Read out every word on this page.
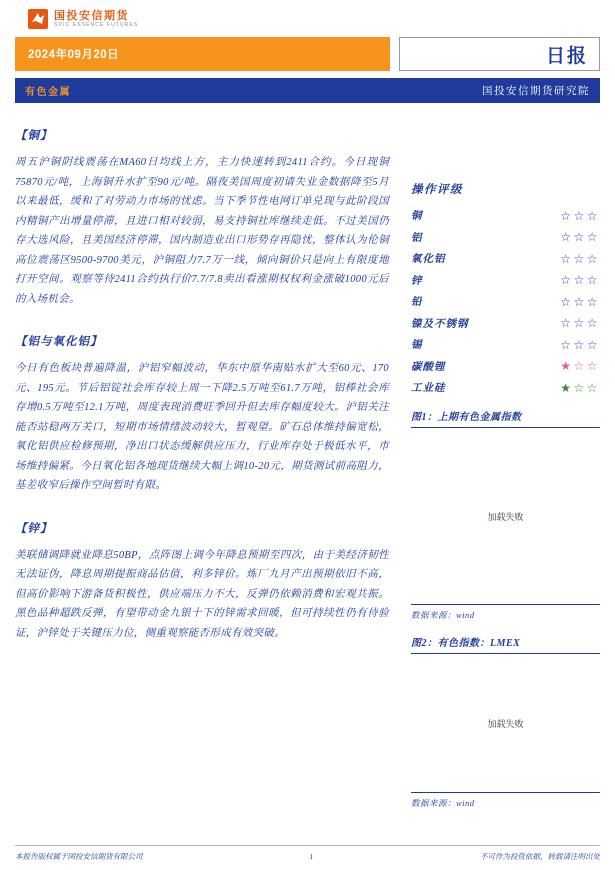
国投安信期货
SDIC ESSENCE FUTURES
2024年09月20日	日报
有色金属	国投安信期货研究院
【铜】
周五沪铜阴线震荡在MA60日均线上方，主力快速转到2411合约。今日现铜75870元/吨，上海铜升水扩至90元/吨。隔夜美国周度初请失业金数据降至5月以来最低，缓和了对劳动力市场的忧虑。当下季节性电网订单兑现与此阶段国内精铜产出增量停滞，且进口相对较弱，易支持铜社库继续走低。不过美国仍存大选风险，且美国经济停滞，国内制造业出口形势存再隐忧，整体认为伦铜高位震荡区9500-9700美元，沪铜阻力7.7万一线，倾向铜价只是向上有限度地打开空间。观察等待2411合约执行价7.7/7.8卖出看涨期权权利金涨破1000元后的入场机会。
【铝与氧化铝】
今日有色板块普遍降温，沪铝窄幅波动，华东中原华南贴水扩大至60元、170元、195元。节后铝锭社会库存较上周一下降2.5万吨至61.7万吨，铝棒社会库存增0.5万吨至12.1万吨，周度表现消费旺季回升但去库存幅度较大。沪铝关注能否站稳两万关口，短期市场情绪波动较大，暂观望。矿石总体维持偏宽松，氧化铝供应检修预期，净出口状态缓解供应压力，行业库存处于极低水平，市场维持偏紧。今日氧化铝各地现货继续大幅上调10-20元，期货测试前高阻力，基差收窄后操作空间暂时有限。
【锌】
美联储调降就业降息50BP，点阵图上调今年降息预期至四次，由于美经济韧性无法证伪，降息周期提振商品估值，利多锌价。炼厂九月产出预期依旧不高，但高价影响下游备货积极性，供应端压力不大，反弹仍依赖消费和宏观共振。黑色品种超跌反弹，有望带动金九银十下的锌需求回暖，但可持续性仍有待验证，沪锌处于关键压力位，侧重观察能否形成有效突破。
操作评级
铜	☆☆☆
铝	☆☆☆
氧化铝	☆☆☆
锌	☆☆☆
铅	☆☆☆
镍及不锈钢	☆☆☆
锡	☆☆☆
碳酸锂	★☆☆
工业硅	★☆☆
图1：上期有色金属指数
加载失败
数据来源：wind
图2：有色指数：LMEX
加载失败
数据来源：wind
本报告版权属于国投安信期货有限公司	1	不可作为投资依据，转载请注明出处
